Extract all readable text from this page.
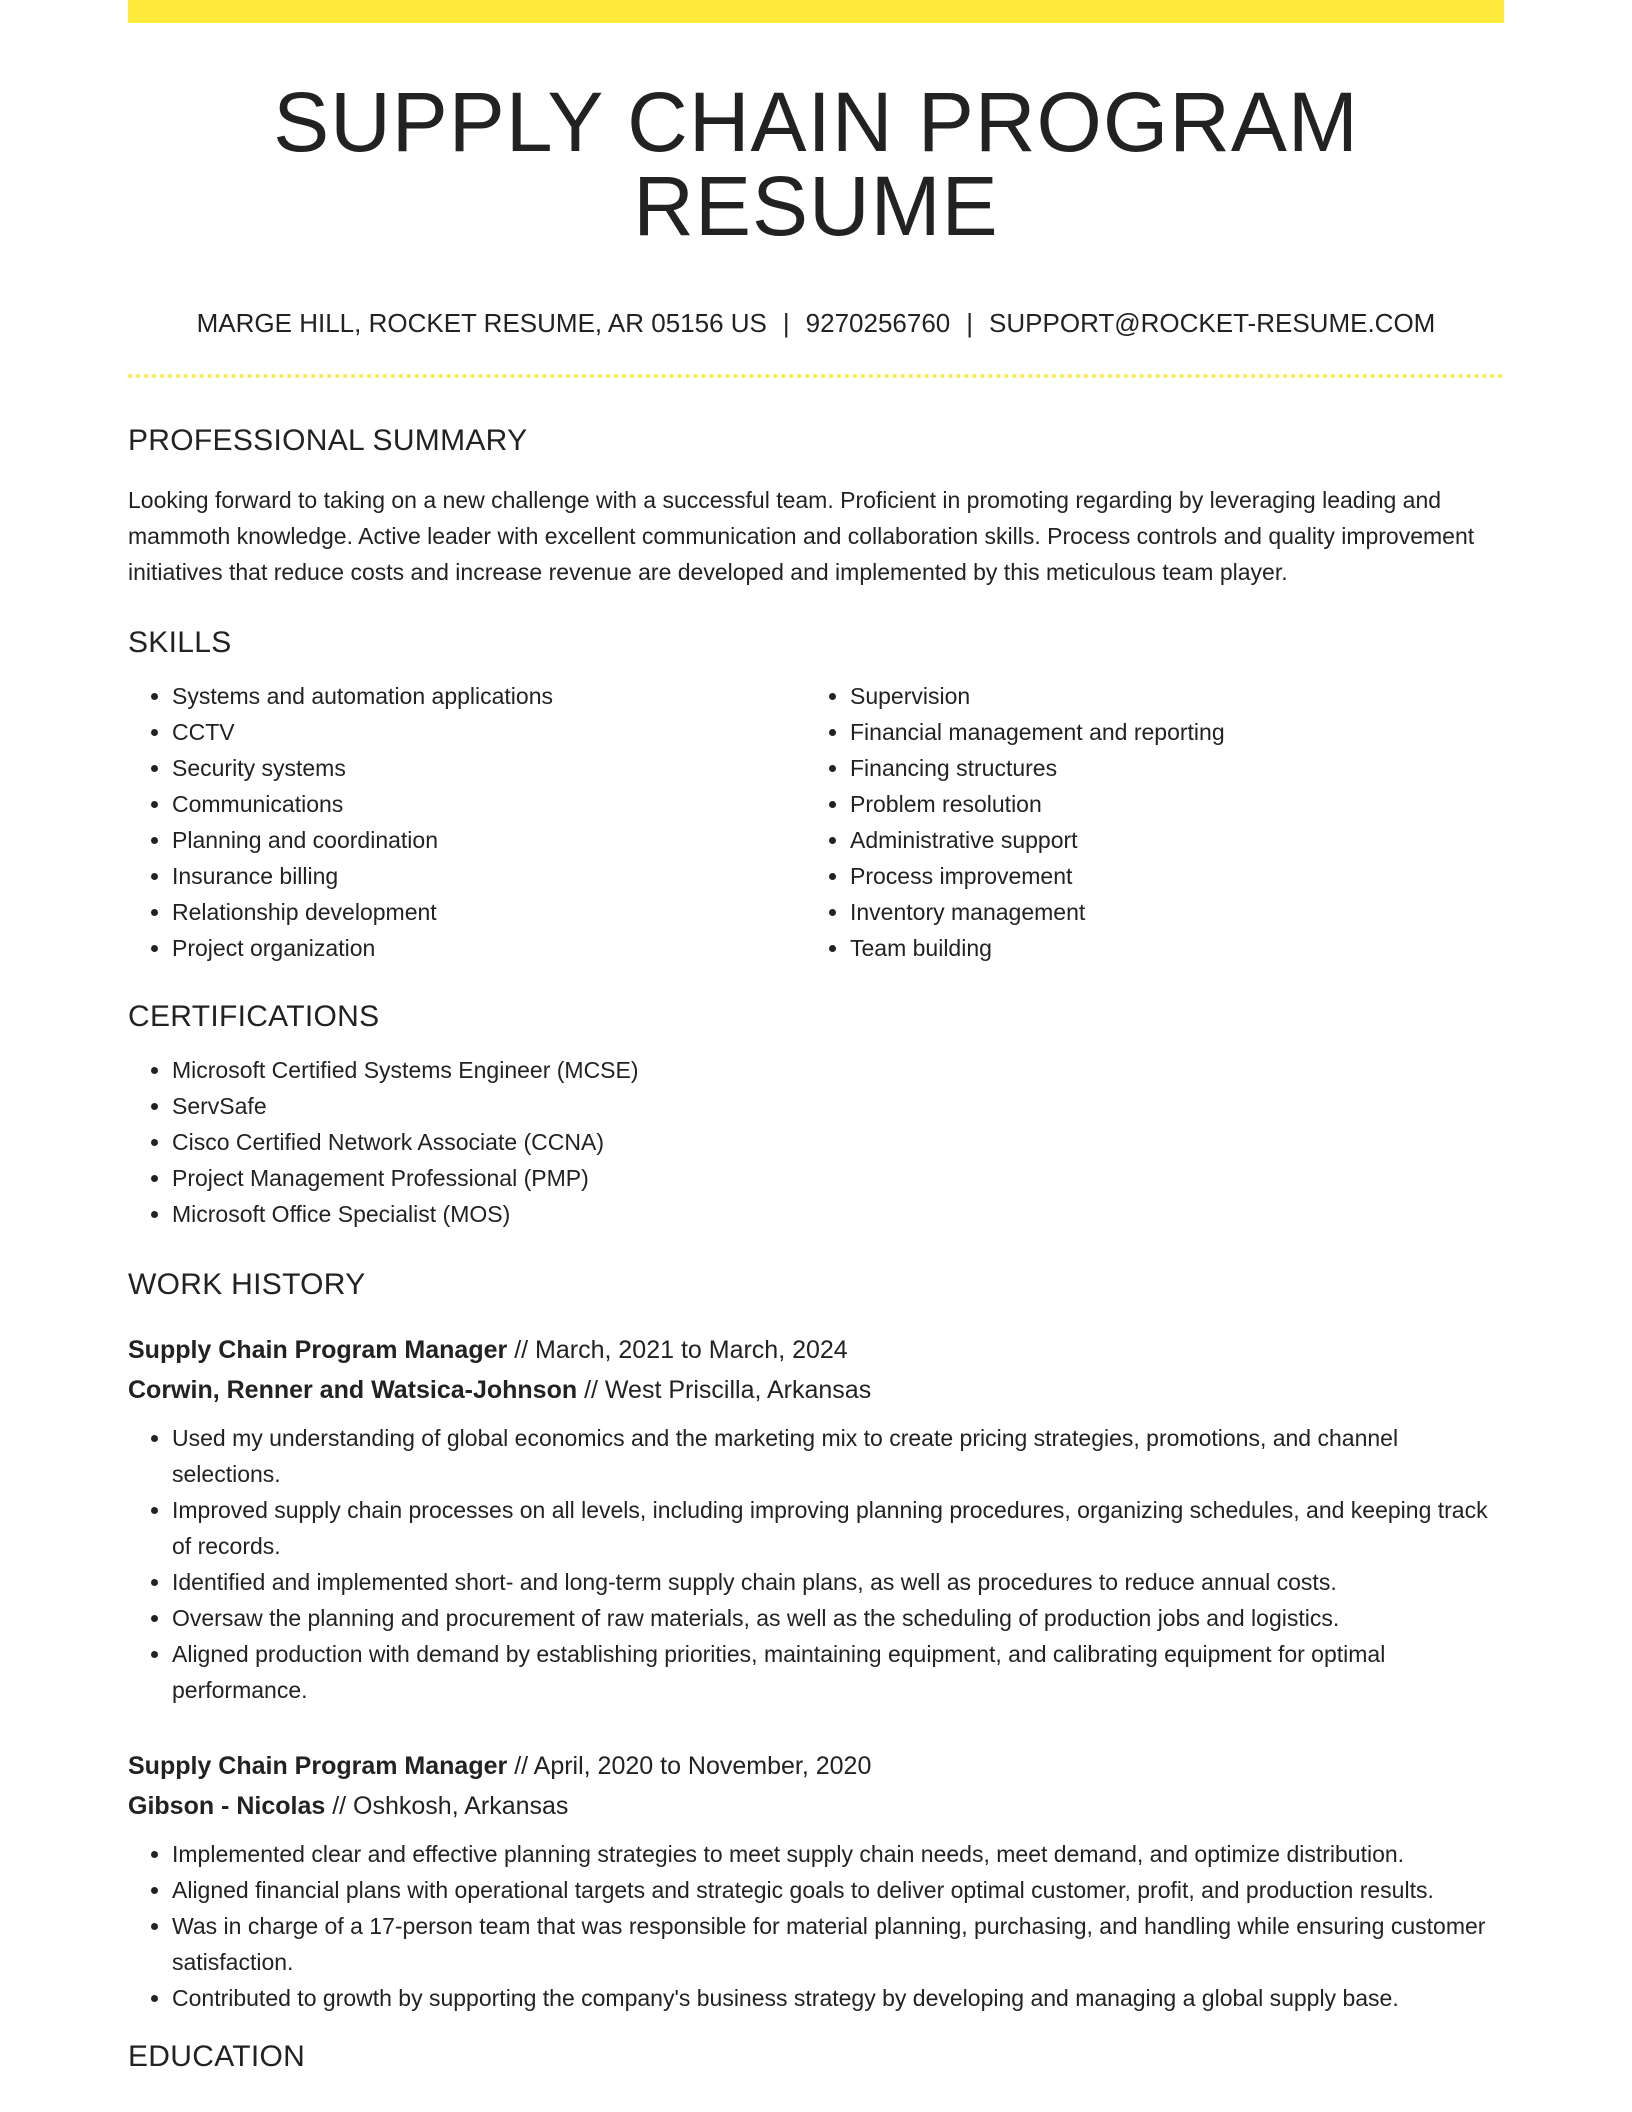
SUPPLY CHAIN PROGRAM RESUME
MARGE HILL, ROCKET RESUME, AR 05156 US | 9270256760 | SUPPORT@ROCKET-RESUME.COM
PROFESSIONAL SUMMARY

Looking forward to taking on a new challenge with a successful team. Proficient in promoting regarding by leveraging leading and mammoth knowledge. Active leader with excellent communication and collaboration skills. Process controls and quality improvement initiatives that reduce costs and increase revenue are developed and implemented by this meticulous team player.

SKILLS
• Systems and automation applications
• CCTV
• Security systems
• Communications
• Planning and coordination
• Insurance billing
• Relationship development
• Project organization
• Supervision
• Financial management and reporting
• Financing structures
• Problem resolution
• Administrative support
• Process improvement
• Inventory management
• Team building
CERTIFICATIONS
• Microsoft Certified Systems Engineer (MCSE)
• ServSafe
• Cisco Certified Network Associate (CCNA)
• Project Management Professional (PMP)
• Microsoft Office Specialist (MOS)
WORK HISTORY
Supply Chain Program Manager // March, 2021 to March, 2024
Corwin, Renner and Watsica-Johnson // West Priscilla, Arkansas
• Used my understanding of global economics and the marketing mix to create pricing strategies, promotions, and channel selections.
• Improved supply chain processes on all levels, including improving planning procedures, organizing schedules, and keeping track of records.
• Identified and implemented short- and long-term supply chain plans, as well as procedures to reduce annual costs.
• Oversaw the planning and procurement of raw materials, as well as the scheduling of production jobs and logistics.
• Aligned production with demand by establishing priorities, maintaining equipment, and calibrating equipment for optimal performance.
Supply Chain Program Manager // April, 2020 to November, 2020
Gibson - Nicolas // Oshkosh, Arkansas
• Implemented clear and effective planning strategies to meet supply chain needs, meet demand, and optimize distribution.
• Aligned financial plans with operational targets and strategic goals to deliver optimal customer, profit, and production results.
• Was in charge of a 17-person team that was responsible for material planning, purchasing, and handling while ensuring customer satisfaction.
• Contributed to growth by supporting the company's business strategy by developing and managing a global supply base.
EDUCATION
